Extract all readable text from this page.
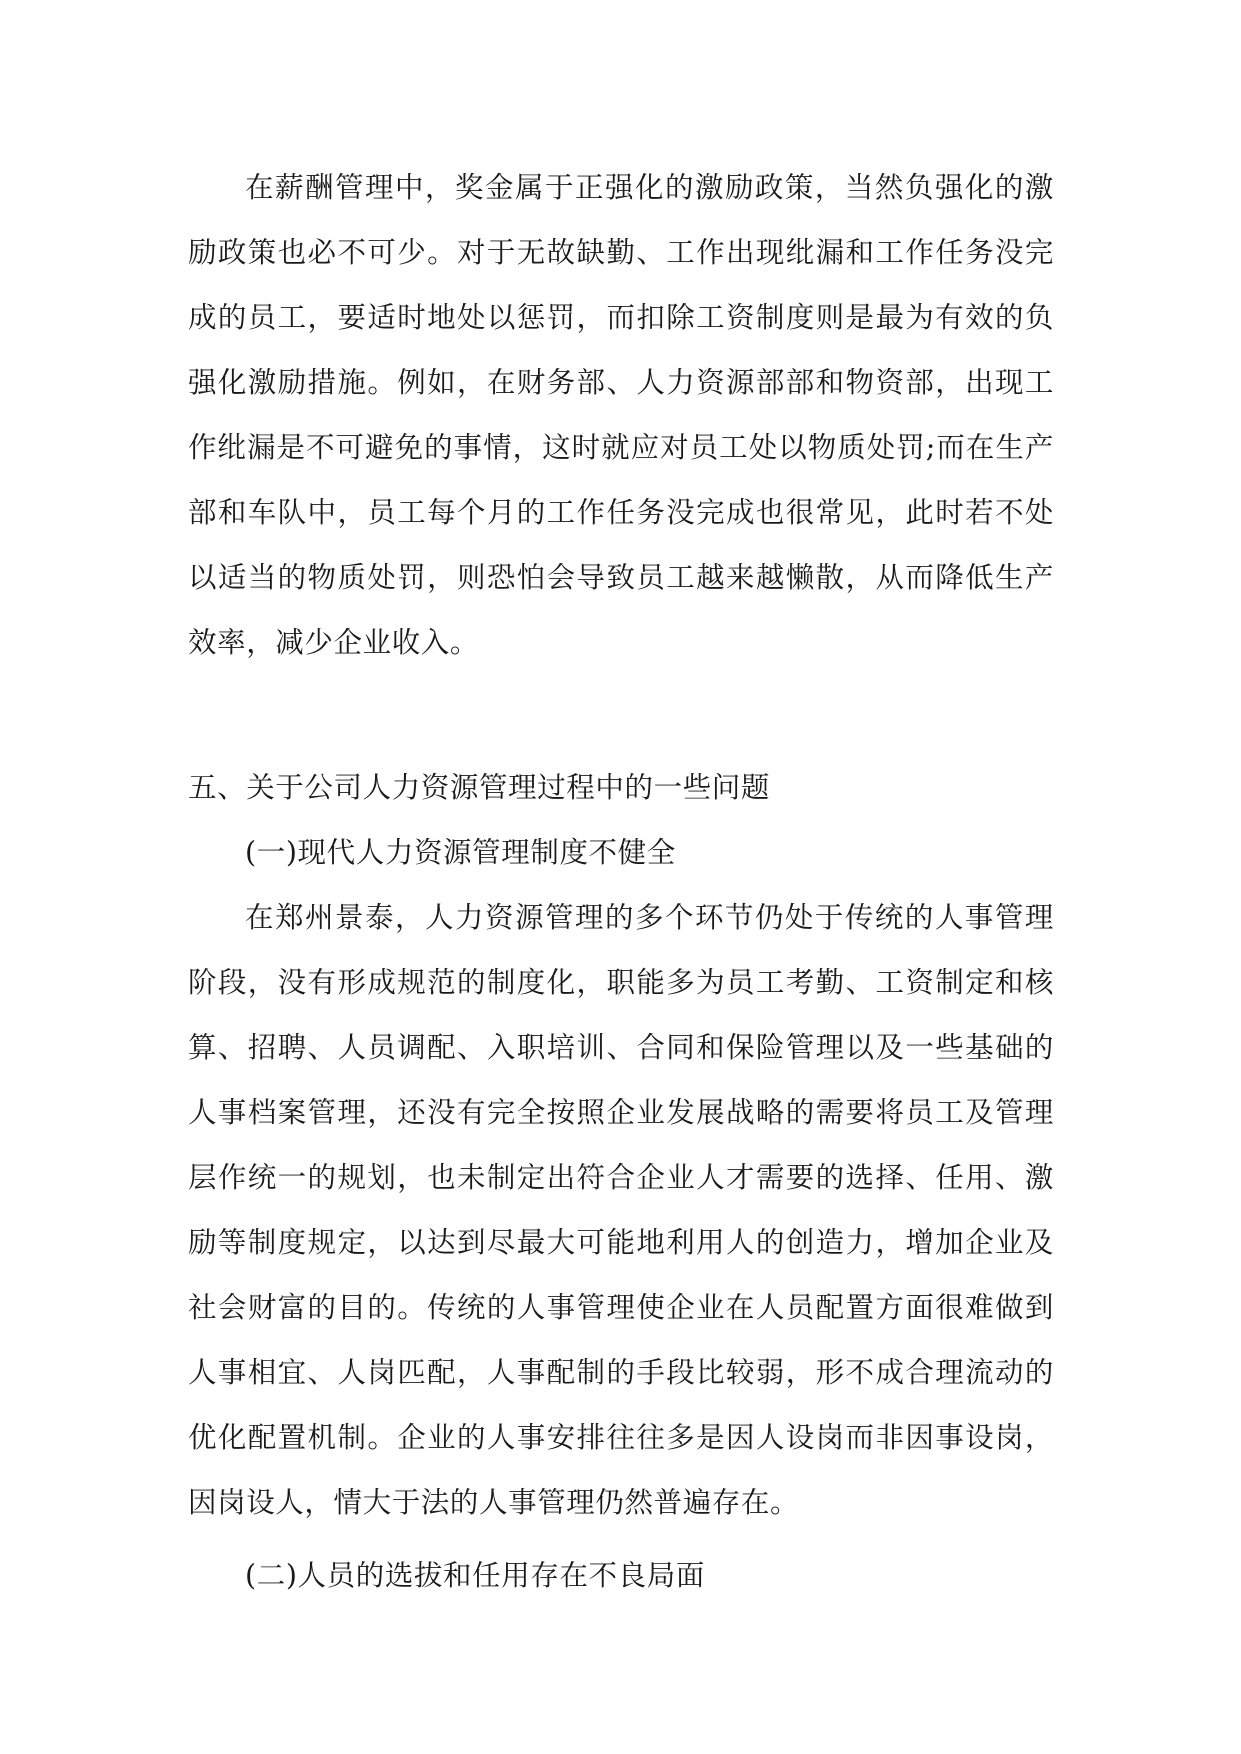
在薪酬管理中，奖金属于正强化的激励政策，当然负强化的激励政策也必不可少。对于无故缺勤、工作出现纰漏和工作任务没完成的员工，要适时地处以惩罚，而扣除工资制度则是最为有效的负强化激励措施。例如，在财务部、人力资源部部和物资部，出现工作纰漏是不可避免的事情，这时就应对员工处以物质处罚;而在生产部和车队中，员工每个月的工作任务没完成也很常见，此时若不处以适当的物质处罚，则恐怕会导致员工越来越懒散，从而降低生产效率，减少企业收入。

五、关于公司人力资源管理过程中的一些问题

(一)现代人力资源管理制度不健全

在郑州景泰，人力资源管理的多个环节仍处于传统的人事管理阶段，没有形成规范的制度化，职能多为员工考勤、工资制定和核算、招聘、人员调配、入职培训、合同和保险管理以及一些基础的人事档案管理，还没有完全按照企业发展战略的需要将员工及管理层作统一的规划，也未制定出符合企业人才需要的选择、任用、激励等制度规定，以达到尽最大可能地利用人的创造力，增加企业及社会财富的目的。传统的人事管理使企业在人员配置方面很难做到人事相宜、人岗匹配，人事配制的手段比较弱，形不成合理流动的优化配置机制。企业的人事安排往往多是因人设岗而非因事设岗，因岗设人，情大于法的人事管理仍然普遍存在。

(二)人员的选拔和任用存在不良局面
